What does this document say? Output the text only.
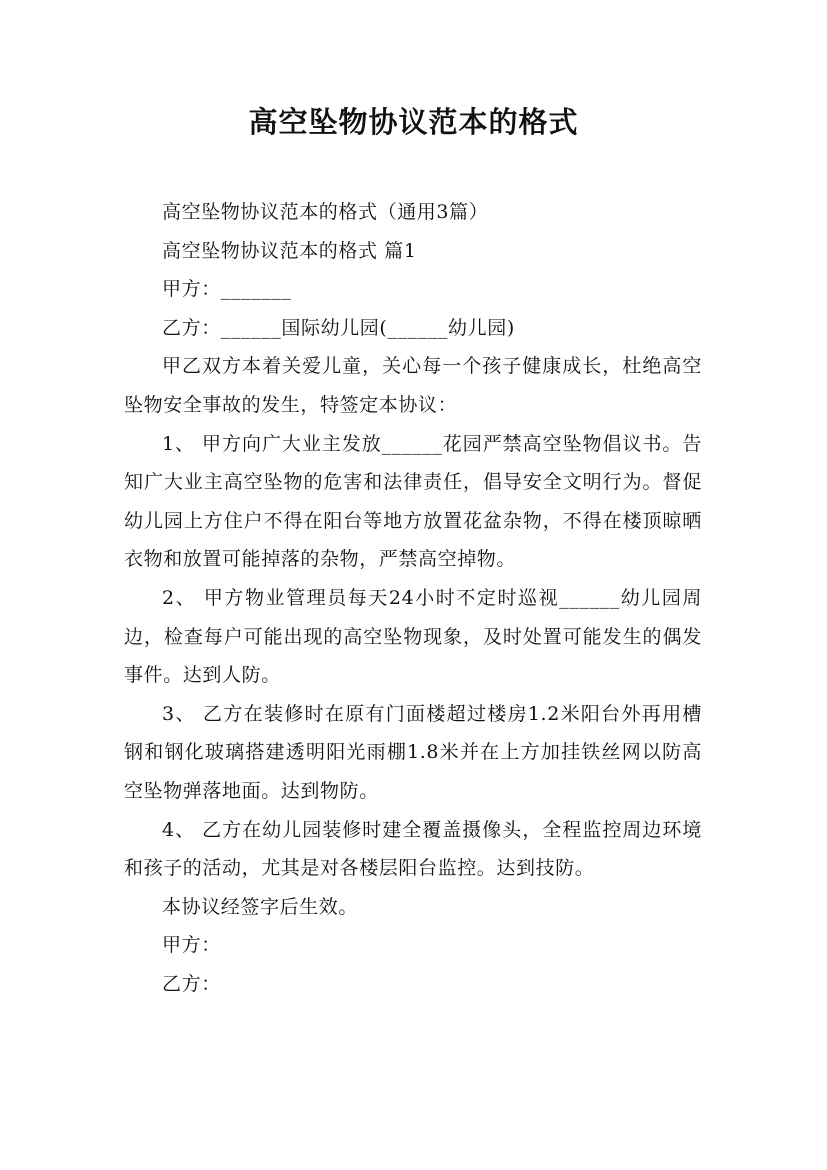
高空坠物协议范本的格式

高空坠物协议范本的格式（通用3篇）

高空坠物协议范本的格式 篇1

甲方：_______

乙方：______国际幼儿园(______幼儿园)

甲乙双方本着关爱儿童，关心每一个孩子健康成长，杜绝高空坠物安全事故的发生，特签定本协议：

1、 甲方向广大业主发放______花园严禁高空坠物倡议书。告知广大业主高空坠物的危害和法律责任，倡导安全文明行为。督促幼儿园上方住户不得在阳台等地方放置花盆杂物，不得在楼顶晾晒衣物和放置可能掉落的杂物，严禁高空掉物。

2、 甲方物业管理员每天24小时不定时巡视______幼儿园周边，检查每户可能出现的高空坠物现象，及时处置可能发生的偶发事件。达到人防。

3、 乙方在装修时在原有门面楼超过楼房1.2米阳台外再用槽钢和钢化玻璃搭建透明阳光雨棚1.8米并在上方加挂铁丝网以防高空坠物弹落地面。达到物防。

4、 乙方在幼儿园装修时建全覆盖摄像头，全程监控周边环境和孩子的活动，尤其是对各楼层阳台监控。达到技防。

本协议经签字后生效。

甲方：

乙方：
